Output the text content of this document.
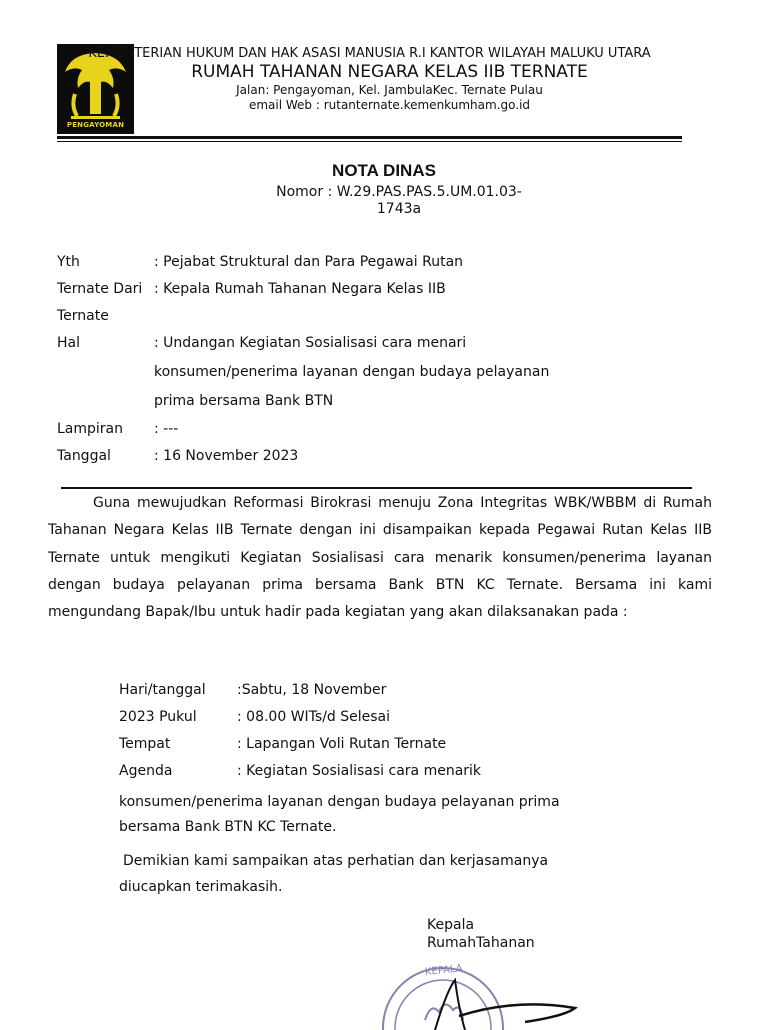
PENGAYOMAN
KEMENTERIAN HUKUM DAN HAK ASASI MANUSIA R.I KANTOR WILAYAH MALUKU UTARA
RUMAH TAHANAN NEGARA KELAS IIB TERNATE
Jalan: Pengayoman, Kel. JambulaKec. Ternate Pulau
email Web : rutanternate.kemenkumham.go.id
NOTA DINAS
Nomor : W.29.PAS.PAS.5.UM.01.03-1743a
Yth	: Pejabat Struktural dan Para Pegawai Rutan
Ternate Dari : Kepala Rumah Tahanan Negara Kelas IIB
Ternate
Hal	: Undangan Kegiatan Sosialisasi cara menari konsumen/penerima layanan dengan budaya pelayanan prima bersama Bank BTN
Lampiran : ---
Tanggal	: 16 November 2023

Guna mewujudkan Reformasi Birokrasi menuju Zona Integritas WBK/WBBM di Rumah Tahanan Negara Kelas IIB Ternate dengan ini disampaikan kepada Pegawai Rutan Kelas IIB Ternate untuk mengikuti Kegiatan Sosialisasi cara menarik konsumen/penerima layanan dengan budaya pelayanan prima bersama Bank BTN KC Ternate. Bersama ini kami mengundang Bapak/Ibu untuk hadir pada kegiatan yang akan dilaksanakan pada :

Hari/tanggal :Sabtu, 18 November
2023 Pukul	: 08.00 WITs/d Selesai
Tempat	: Lapangan Voli Rutan Ternate
Agenda	: Kegiatan Sosialisasi cara menarik
konsumen/penerima layanan dengan budaya pelayanan prima
bersama Bank BTN KC Ternate.
Demikian kami sampaikan atas perhatian dan kerjasamanya
diucapkan terimakasih.
Kepala
RumahTahanan
KEPALA
